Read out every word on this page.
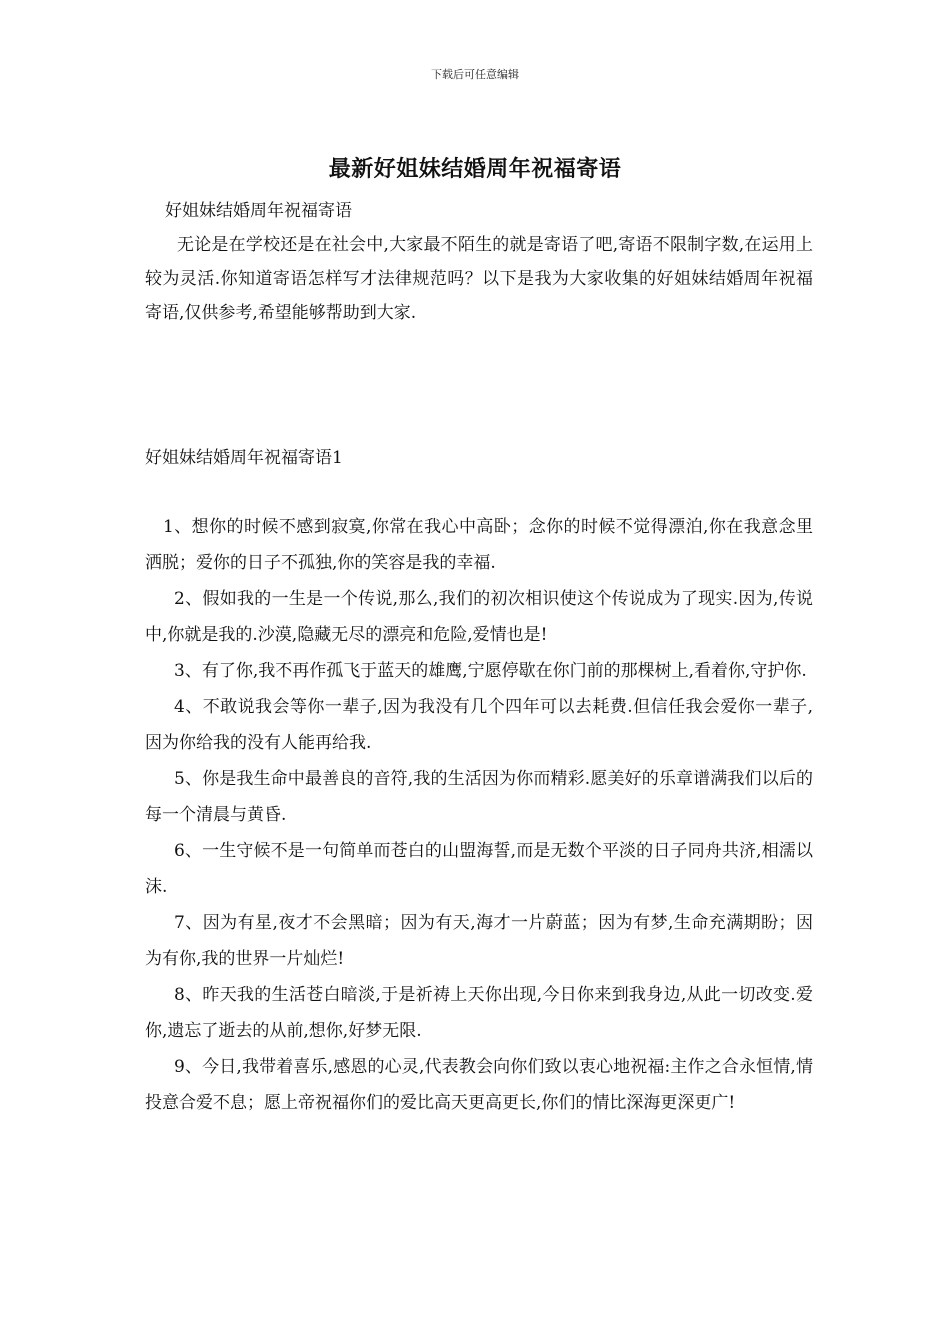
下载后可任意编辑
最新好姐妹结婚周年祝福寄语
好姐妹结婚周年祝福寄语
无论是在学校还是在社会中,大家最不陌生的就是寄语了吧,寄语不限制字数,在运用上较为灵活.你知道寄语怎样写才法律规范吗？以下是我为大家收集的好姐妹结婚周年祝福寄语,仅供参考,希望能够帮助到大家.
好姐妹结婚周年祝福寄语1

1、想你的时候不感到寂寞,你常在我心中高卧；念你的时候不觉得漂泊,你在我意念里洒脱；爱你的日子不孤独,你的笑容是我的幸福.

2、假如我的一生是一个传说,那么,我们的初次相识使这个传说成为了现实.因为,传说中,你就是我的.沙漠,隐藏无尽的漂亮和危险,爱情也是!

3、有了你,我不再作孤飞于蓝天的雄鹰,宁愿停歇在你门前的那棵树上,看着你,守护你.

4、不敢说我会等你一辈子,因为我没有几个四年可以去耗费.但信任我会爱你一辈子,因为你给我的没有人能再给我.

5、你是我生命中最善良的音符,我的生活因为你而精彩.愿美好的乐章谱满我们以后的每一个清晨与黄昏.

6、一生守候不是一句简单而苍白的山盟海誓,而是无数个平淡的日子同舟共济,相濡以沫.

7、因为有星,夜才不会黑暗；因为有天,海才一片蔚蓝；因为有梦,生命充满期盼；因为有你,我的世界一片灿烂!

8、昨天我的生活苍白暗淡,于是祈祷上天你出现,今日你来到我身边,从此一切改变.爱你,遗忘了逝去的从前,想你,好梦无限.

9、今日,我带着喜乐,感恩的心灵,代表教会向你们致以衷心地祝福:主作之合永恒情,情投意合爱不息；愿上帝祝福你们的爱比高天更高更长,你们的情比深海更深更广!
